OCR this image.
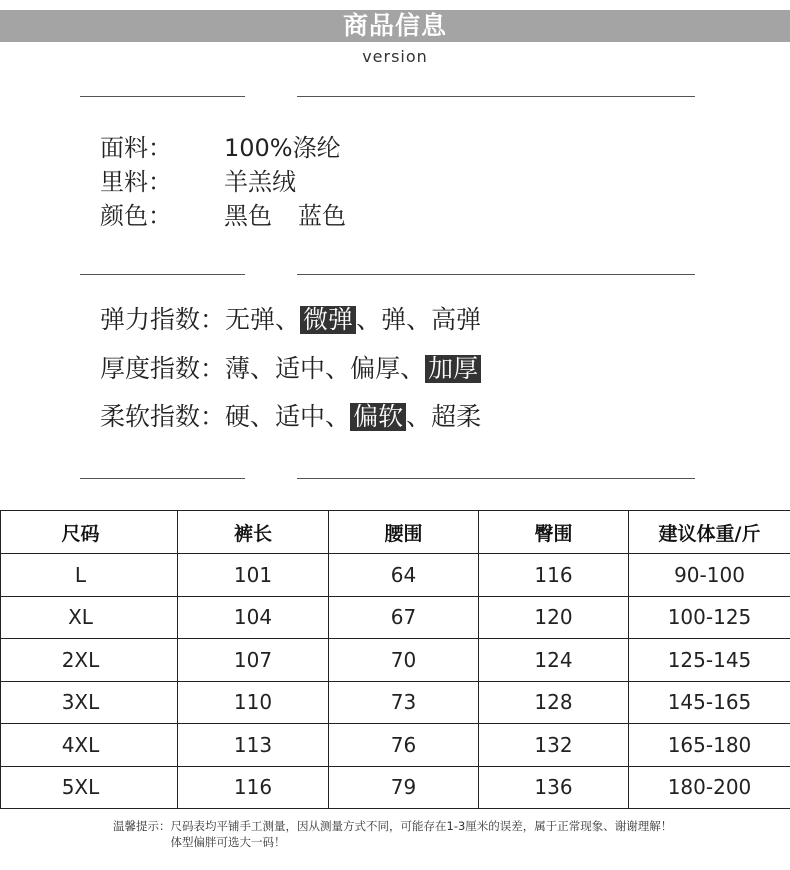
商品信息
version
面料： 100%涤纶
里料： 羊羔绒
颜色： 黑色 蓝色
弹力指数：无弹、 微弹 、弹、高弹
厚度指数：薄、适中、偏厚、 加厚
柔软指数：硬、适中、 偏软 、超柔
尺码	裤长	腰围	臀围	建议体重/斤
L	101	64	116	90-100
XL	104	67	120	100-125
2XL	107	70	124	125-145
3XL	110	73	128	145-165
4XL	113	76	132	165-180
5XL	116	79	136	180-200
温馨提示： 尺码表均平铺手工测量，因从测量方式不同，可能存在1-3厘米的误差，属于正常现象、谢谢理解！
体型偏胖可选大一码！
